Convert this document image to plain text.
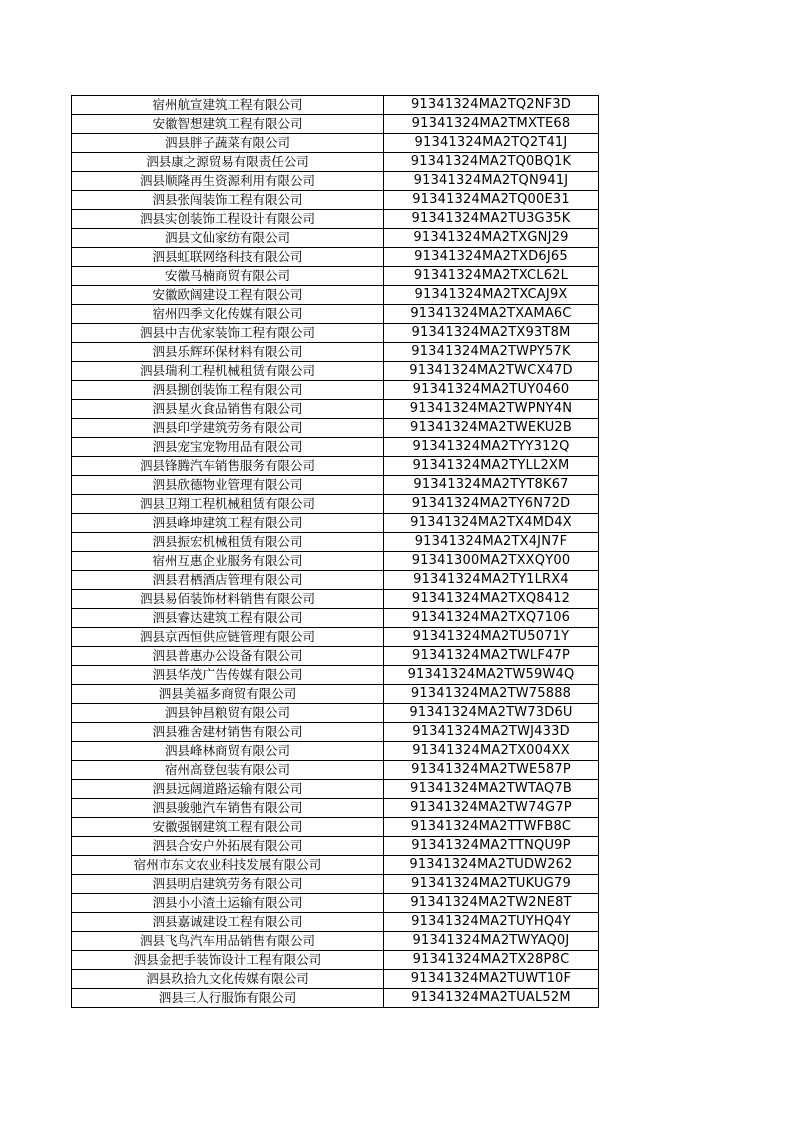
宿州航宣建筑工程有限公司	91341324MA2TQ2NF3D
安徽智想建筑工程有限公司	91341324MA2TMXTE68
泗县胖子蔬菜有限公司	91341324MA2TQ2T41J
泗县康之源贸易有限责任公司	91341324MA2TQ0BQ1K
泗县顺隆再生资源利用有限公司	91341324MA2TQN941J
泗县张闯装饰工程有限公司	91341324MA2TQ00E31
泗县实创装饰工程设计有限公司	91341324MA2TU3G35K
泗县文仙家纺有限公司	91341324MA2TXGNJ29
泗县虹联网络科技有限公司	91341324MA2TXD6J65
安徽马楠商贸有限公司	91341324MA2TXCL62L
安徽欧阔建设工程有限公司	91341324MA2TXCAJ9X
宿州四季文化传媒有限公司	91341324MA2TXAMA6C
泗县中吉优家装饰工程有限公司	91341324MA2TX93T8M
泗县乐辉环保材料有限公司	91341324MA2TWPY57K
泗县瑞利工程机械租赁有限公司	91341324MA2TWCX47D
泗县捌创装饰工程有限公司	91341324MA2TUY0460
泗县星火食品销售有限公司	91341324MA2TWPNY4N
泗县印学建筑劳务有限公司	91341324MA2TWEKU2B
泗县宠宝宠物用品有限公司	91341324MA2TYY312Q
泗县锋腾汽车销售服务有限公司	91341324MA2TYLL2XM
泗县欣德物业管理有限公司	91341324MA2TYT8K67
泗县卫翔工程机械租赁有限公司	91341324MA2TY6N72D
泗县峰坤建筑工程有限公司	91341324MA2TX4MD4X
泗县振宏机械租赁有限公司	91341324MA2TX4JN7F
宿州互惠企业服务有限公司	91341300MA2TXXQY00
泗县君栖酒店管理有限公司	91341324MA2TY1LRX4
泗县易佰装饰材料销售有限公司	91341324MA2TXQ8412
泗县睿达建筑工程有限公司	91341324MA2TXQ7106
泗县京西恒供应链管理有限公司	91341324MA2TU5071Y
泗县普惠办公设备有限公司	91341324MA2TWLF47P
泗县华茂广告传媒有限公司	91341324MA2TW59W4Q
泗县美福多商贸有限公司	91341324MA2TW75888
泗县钟昌粮贸有限公司	91341324MA2TW73D6U
泗县雅舍建材销售有限公司	91341324MA2TWJ433D
泗县峰林商贸有限公司	91341324MA2TX004XX
宿州高登包装有限公司	91341324MA2TWE587P
泗县远阔道路运输有限公司	91341324MA2TWTAQ7B
泗县骏驰汽车销售有限公司	91341324MA2TW74G7P
安徽强钢建筑工程有限公司	91341324MA2TTWFB8C
泗县合安户外拓展有限公司	91341324MA2TTNQU9P
宿州市东文农业科技发展有限公司	91341324MA2TUDW262
泗县明启建筑劳务有限公司	91341324MA2TUKUG79
泗县小小渣土运输有限公司	91341324MA2TW2NE8T
泗县嘉诚建设工程有限公司	91341324MA2TUYHQ4Y
泗县飞鸟汽车用品销售有限公司	91341324MA2TWYAQ0J
泗县金把手装饰设计工程有限公司	91341324MA2TX28P8C
泗县玖拾九文化传媒有限公司	91341324MA2TUWT10F
泗县三人行服饰有限公司	91341324MA2TUAL52M
